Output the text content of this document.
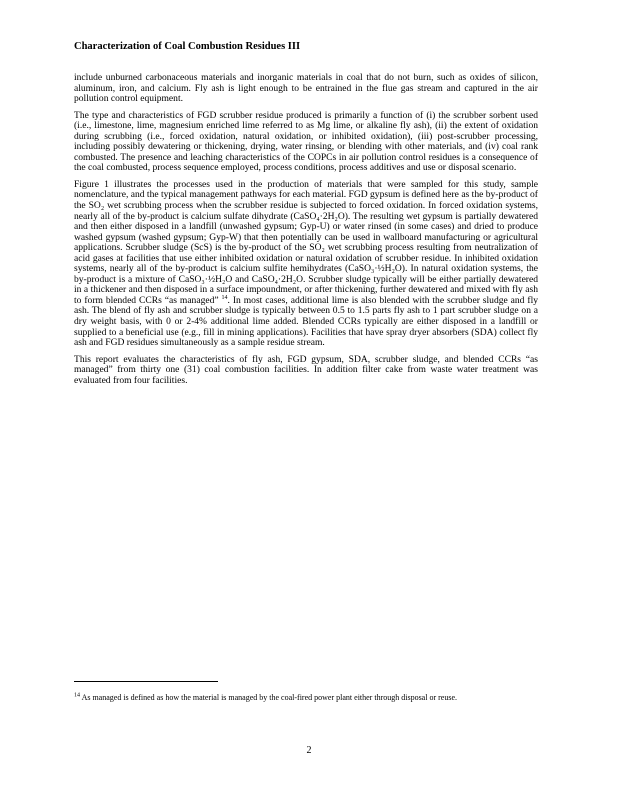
Characterization of Coal Combustion Residues III

include unburned carbonaceous materials and inorganic materials in coal that do not burn, such as oxides of silicon, aluminum, iron, and calcium. Fly ash is light enough to be entrained in the flue gas stream and captured in the air pollution control equipment.

The type and characteristics of FGD scrubber residue produced is primarily a function of (i) the scrubber sorbent used (i.e., limestone, lime, magnesium enriched lime referred to as Mg lime, or alkaline fly ash), (ii) the extent of oxidation during scrubbing (i.e., forced oxidation, natural oxidation, or inhibited oxidation), (iii) post-scrubber processing, including possibly dewatering or thickening, drying, water rinsing, or blending with other materials, and (iv) coal rank combusted. The presence and leaching characteristics of the COPCs in air pollution control residues is a consequence of the coal combusted, process sequence employed, process conditions, process additives and use or disposal scenario.

Figure 1 illustrates the processes used in the production of materials that were sampled for this study, sample nomenclature, and the typical management pathways for each material. FGD gypsum is defined here as the by-product of the SO₂ wet scrubbing process when the scrubber residue is subjected to forced oxidation. In forced oxidation systems, nearly all of the by-product is calcium sulfate dihydrate (CaSO₄·2H₂O). The resulting wet gypsum is partially dewatered and then either disposed in a landfill (unwashed gypsum; Gyp-U) or water rinsed (in some cases) and dried to produce washed gypsum (washed gypsum; Gyp-W) that then potentially can be used in wallboard manufacturing or agricultural applications. Scrubber sludge (ScS) is the by-product of the SO₂ wet scrubbing process resulting from neutralization of acid gases at facilities that use either inhibited oxidation or natural oxidation of scrubber residue. In inhibited oxidation systems, nearly all of the by-product is calcium sulfite hemihydrates (CaSO₃·½H₂O). In natural oxidation systems, the by-product is a mixture of CaSO₃·½H₂O and CaSO₄·2H₂O. Scrubber sludge typically will be either partially dewatered in a thickener and then disposed in a surface impoundment, or after thickening, further dewatered and mixed with fly ash to form blended CCRs “as managed” $^{14}$. In most cases, additional lime is also blended with the scrubber sludge and fly ash. The blend of fly ash and scrubber sludge is typically between 0.5 to 1.5 parts fly ash to 1 part scrubber sludge on a dry weight basis, with 0 or 2-4% additional lime added. Blended CCRs typically are either disposed in a landfill or supplied to a beneficial use (e.g., fill in mining applications). Facilities that have spray dryer absorbers (SDA) collect fly ash and FGD residues simultaneously as a sample residue stream.

This report evaluates the characteristics of fly ash, FGD gypsum, SDA, scrubber sludge, and blended CCRs “as managed” from thirty one (31) coal combustion facilities. In addition filter cake from waste water treatment was evaluated from four facilities.

$^{14}$ As managed is defined as how the material is managed by the coal-fired power plant either through disposal or reuse.
2
